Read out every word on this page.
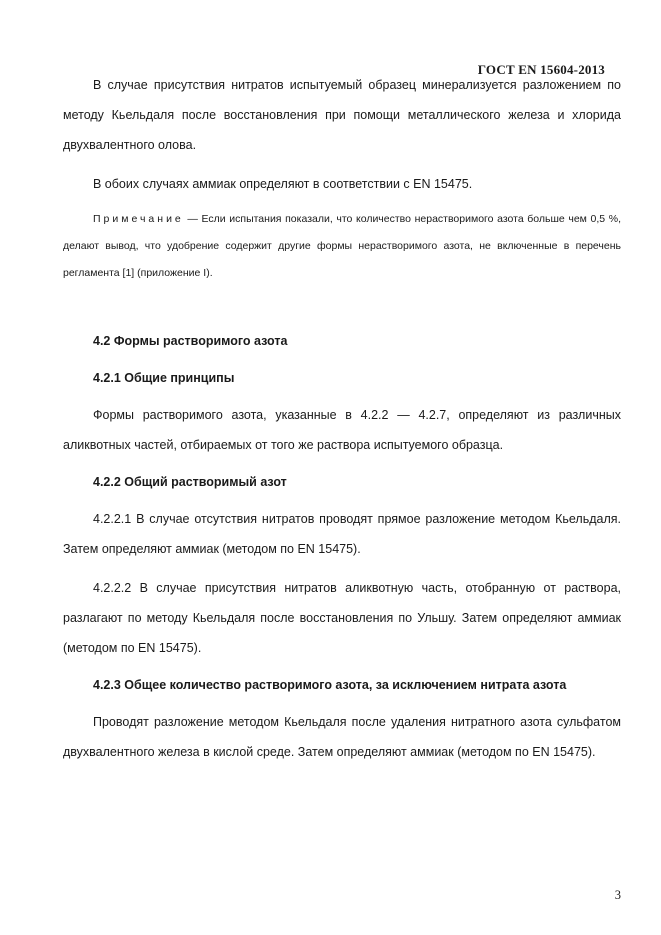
ГОСТ EN 15604-2013

В случае присутствия нитратов испытуемый образец минерализуется разложением по методу Кьельдаля после восстановления при помощи металлического железа и хлорида двухвалентного олова.

В обоих случаях аммиак определяют в соответствии с EN 15475.

Примечание — Если испытания показали, что количество нерастворимого азота больше чем 0,5 %, делают вывод, что удобрение содержит другие формы нерастворимого азота, не включенные в перечень регламента [1] (приложение I).

4.2 Формы растворимого азота
4.2.1 Общие принципы

Формы растворимого азота, указанные в 4.2.2 — 4.2.7, определяют из различных аликвотных частей, отбираемых от того же раствора испытуемого образца.

4.2.2 Общий растворимый азот

4.2.2.1 В случае отсутствия нитратов проводят прямое разложение методом Кьельдаля. Затем определяют аммиак (методом по EN 15475).

4.2.2.2 В случае присутствия нитратов аликвотную часть, отобранную от раствора, разлагают по методу Кьельдаля после восстановления по Ульшу. Затем определяют аммиак (методом по EN 15475).

4.2.3 Общее количество растворимого азота, за исключением нитрата азота

Проводят разложение методом Кьельдаля после удаления нитратного азота сульфатом двухвалентного железа в кислой среде. Затем определяют аммиак (методом по EN 15475).

3
